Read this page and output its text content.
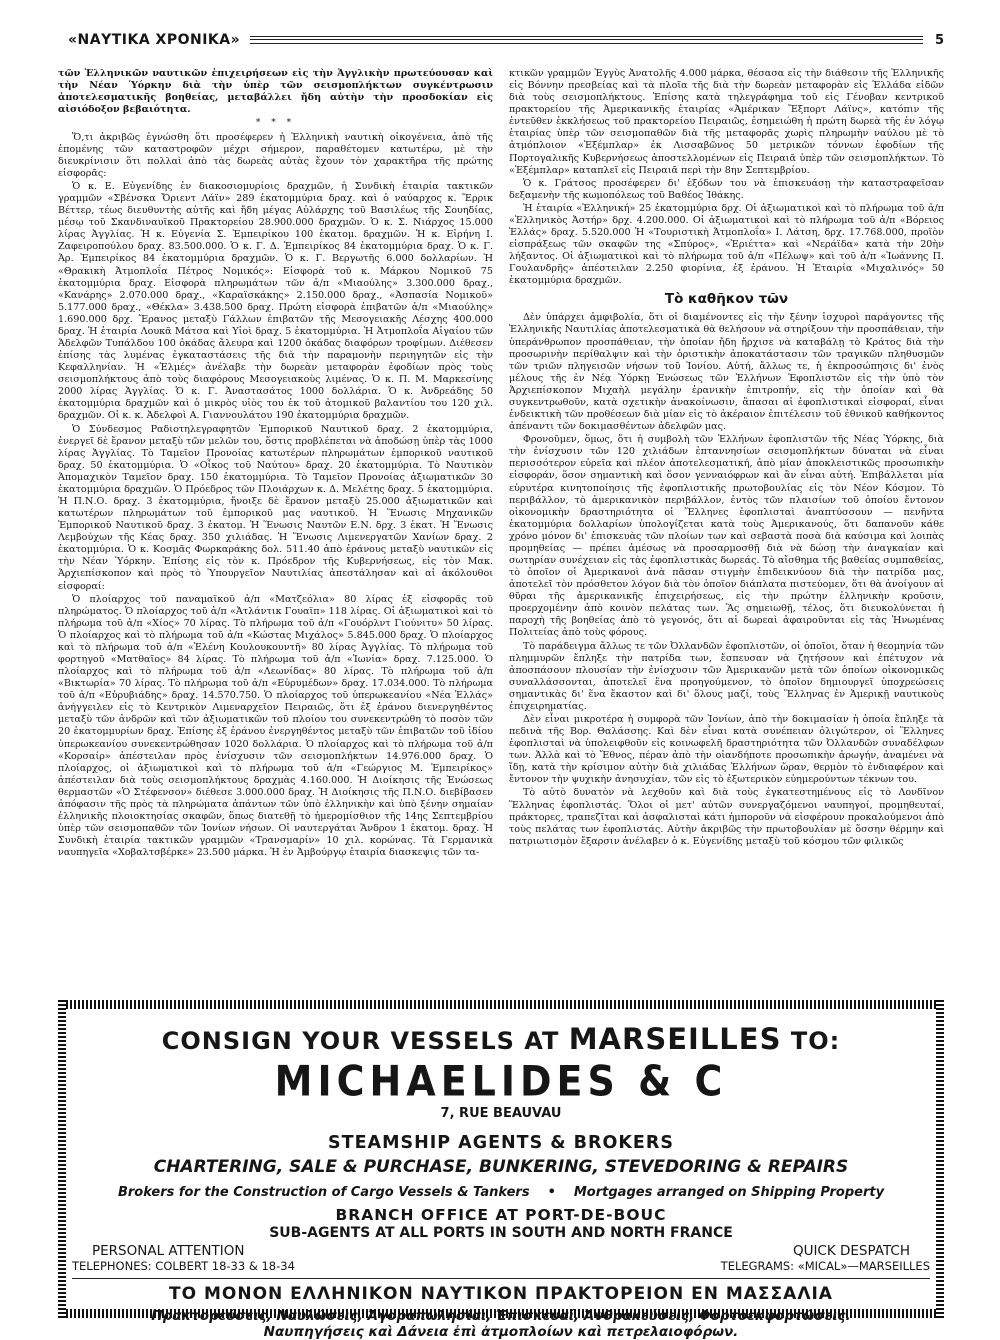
«ΝΑΥΤΙΚΑ ΧΡΟΝΙΚΑ»	5

τῶν Ἑλληνικῶν ναυτικῶν ἐπιχειρήσεων εἰς τὴν Ἀγγλικὴν πρωτεύουσαν καὶ τὴν Νέαν Ὑόρκην διὰ τὴν ὑπὲρ τῶν σεισμοπλήκτων συγκέντρωσιν ἀποτελεσματικῆς βοηθείας, μεταβάλλει ἤδη αὐτὴν τὴν προσδοκίαν εἰς αἰσιόδοξον βεβαιότητα.

* * *

Ὅ,τι ἀκριβῶς ἐγνώσθη ὅτι προσέφερεν ἡ Ἑλληνικὴ ναυτικὴ οἰκογένεια, ἀπὸ τῆς ἐπομένης τῶν καταστροφῶν μέχρι σήμερον, παραθέτομεν κατωτέρω, μὲ τὴν διευκρίνισιν ὅτι πολλαὶ ἀπὸ τὰς δωρεὰς αὐτὰς ἔχουν τὸν χαρακτῆρα τῆς πρώτης εἰσφορᾶς:

Ὁ κ. Ε. Εὐγενίδης ἐν διακοσιομυρίοις δραχμῶν, ἡ Συνδικὴ ἑταιρία τακτικῶν γραμμῶν «Σβένσκα Ὄριεντ Λάϊν» 289 ἑκατομμύρια δραχ. καὶ ὁ ναύαρχος κ. Ἔρρικ Βέττερ, τέως διευθυντὴς αὐτῆς καὶ ἤδη μέγας Αὐλάρχης τοῦ Βασιλέως τῆς Σουηδίας, μέσῳ τοῦ Σκανδιναυϊκοῦ Πρακτορείου 28.900.000 δραχμῶν. Ὁ κ. Σ. Νιάρχος 15.000 λίρας Ἀγγλίας. Ἡ κ. Εὐγενία Σ. Ἐμπειρίκου 100 ἑκατομ. δραχμῶν. Ἡ κ. Εἰρήνη Ι. Ζαφειροπούλου δραχ. 83.500.000. Ὁ κ. Γ. Δ. Ἐμπειρίκος 84 ἑκατομμύρια δραχ. Ὁ κ. Γ. Ἀρ. Ἐμπειρίκος 84 ἑκατομμύρια δραχμῶν. Ὁ κ. Γ. Βεργωτῆς 6.000 δολλαρίων. Ἡ «Θρακικὴ Ἀτμοπλοΐα Πέτρος Νομικός»: Εἰσφορὰ τοῦ κ. Μάρκου Νομικοῦ 75 ἑκατομμύρια δραχ. Εἰσφορὰ πληρωμάτων τῶν ἀ/π «Μιαούλης» 3.300.000 δραχ., «Κανάρης» 2.070.000 δραχ., «Καραϊσκάκης» 2.150.000 δραχ., «Ἀσπασία Νομικοῦ» 5.177.000 δραχ., «Θέκλα» 3.438.500 δραχ. Πρώτη εἰσφορὰ ἐπιβατῶν ἀ/π «Μιαούλης» 1.690.000 δρχ. Ἔρανος μεταξὺ Γάλλων ἐπιβατῶν τῆς Μεσογειακῆς Λέσχης 400.000 δραχ. Ἡ ἑταιρία Λουκᾶ Μάτσα καὶ Υἱοὶ δραχ. 5 ἑκατομμύρια. Ἡ Ἀτμοπλοΐα Αἰγαίου τῶν Ἀδελφῶν Τυπάλδου 100 ὀκάδας ἄλευρα καὶ 1200 ὀκάδας διαφόρων τροφίμων. Διέθεσεν ἐπίσης τὰς λυμένας ἐγκαταστάσεις τῆς διὰ τὴν παραμονὴν περιηγητῶν εἰς τὴν Κεφαλληνίαν. Ἡ «Ἑλμές» ἀνέλαβε τὴν δωρεὰν μεταφορὰν ἐφοδίων πρὸς τοὺς σεισμοπλήκτους ἀπὸ τοὺς διαφόρους Μεσογειακοὺς λιμένας. Ὁ κ. Π. Μ. Μαρκεσίνης 2000 λίρας Ἀγγλίας. Ὁ κ. Γ. Ἀναστασάτος 1000 δολλάρια. Ὁ κ. Ἀνδρεάδης 50 ἑκατομμύρια δραχμῶν καὶ ὁ μικρὸς υἱὸς του ἐκ τοῦ ἀτομικοῦ βαλαντίου του 120 χιλ. δραχμῶν. Οἱ κ. κ. Ἀδελφοὶ Α. Γιαννουλάτου 190 ἑκατομμύρια δραχμῶν.

Ὁ Σύνδεσμος Ραδιοτηλεγραφητῶν Ἐμπορικοῦ Ναυτικοῦ δραχ. 2 ἑκατομμύρια, ἐνεργεῖ δὲ ἔρανον μεταξὺ τῶν μελῶν του, ὅστις προβλέπεται νὰ ἀποδώσῃ ὑπὲρ τὰς 1000 λίρας Ἀγγλίας. Τὸ Ταμεῖον Προνοίας κατωτέρων πληρωμάτων ἐμπορικοῦ ναυτικοῦ δραχ. 50 ἑκατομμύρια. Ὁ «Οἶκος τοῦ Ναύτου» δραχ. 20 ἑκατομμύρια. Τὸ Ναυτικὸν Ἀπομαχικὸν Ταμεῖον δραχ. 150 ἑκατομμύρια. Τὸ Ταμεῖον Προνοίας ἀξιωματικῶν 30 ἑκατομμύρια δραχμῶν. Ὁ Πρόεδρος τῶν Πλοιάρχων κ. Δ. Μελέτης δραχ. 5 ἑκατομμύρια. Ἡ Π.Ν.Ο. δραχ. 3 ἑκατομμύρια, ἤνοιξε δὲ ἔρανον μεταξὺ 25.000 ἀξιωματικῶν καὶ κατωτέρων πληρωμάτων τοῦ ἐμπορικοῦ μας ναυτικοῦ. Ἡ Ἕνωσις Μηχανικῶν Ἐμπορικοῦ Ναυτικοῦ δραχ. 3 ἑκατομ. Ἡ Ἕνωσις Ναυτῶν Ε.Ν. δρχ. 3 ἑκατ. Ἡ Ἕνωσις Λεμβούχων τῆς Κέας δραχ. 350 χιλιάδας. Ἡ Ἕνωσις Λιμενεργατῶν Χανίων δραχ. 2 ἑκατομμύρια. Ὁ κ. Κοσμᾶς Φωρκαράκης δολ. 511.40 ἀπὸ ἐράνους μεταξὺ ναυτικῶν εἰς τὴν Νέαν Ὑόρκην. Ἐπίσης εἰς τὸν κ. Πρόεδρον τῆς Κυβερνήσεως, εἰς τὸν Μακ. Ἀρχιεπίσκοπον καὶ πρὸς τὸ Ὑπουργεῖον Ναυτιλίας ἀπεστάλησαν καὶ αἱ ἀκόλουθοι εἰσφοραί:

Ὁ πλοίαρχος τοῦ παναμαϊκοῦ ἀ/π «Ματζεόλια» 80 λίρας ἐξ εἰσφορᾶς τοῦ πληρώματος. Ὁ πλοίαρχος τοῦ ἀ/π «Ἀτλάντικ Γουαϊπ» 118 λίρας. Οἱ ἀξιωματικοὶ καὶ τὸ πλήρωμα τοῦ ἀ/π «Χίος» 70 λίρας. Τὸ πλήρωμα τοῦ ἀ/π «Γουόρλντ Γιούνιτυ» 50 λίρας. Ὁ πλοίαρχος καὶ τὸ πλήρωμα τοῦ ἀ/π «Κώστας Μιχάλος» 5.845.000 δραχ. Ὁ πλοίαρχος καὶ τὸ πλήρωμα τοῦ ἀ/π «Ἐλένη Κουλουκουντῆ» 80 λίρας Ἀγγλίας. Τὸ πλήρωμα τοῦ φορτηγοῦ «Ματθαῖος» 84 λίρας. Τὸ πλήρωμα τοῦ ἀ/π «Ἰωνία» δραχ. 7.125.000. Ὁ πλοίαρχος καὶ τὸ πλήρωμα τοῦ ἀ/π «Λεωνίδας» 80 λίρας. Τὸ πλήρωμα τοῦ ἀ/π «Βικτωρία» 70 λίρας. Τὸ πλήρωμα τοῦ ἀ/π «Εὐρυμέδων» δραχ. 17.034.000. Τὸ πλήρωμα τοῦ ἀ/π «Εὐρυβιάδης» δραχ. 14.570.750. Ὁ πλοίαρχος τοῦ ὑπερωκεανίου «Νέα Ἑλλάς» ἀνήγγειλεν εἰς τὸ Κεντρικὸν Λιμεναρχεῖον Πειραιῶς, ὅτι ἐξ ἐράνου διενεργηθέντος μεταξὺ τῶν ἀνδρῶν καὶ τῶν ἀξιωματικῶν τοῦ πλοίου του συνεκεντρώθη τὸ ποσὸν τῶν 20 ἑκατομμυρίων δραχ. Ἐπίσης ἐξ ἐράνου ἐνεργηθέντος μεταξὺ τῶν ἐπιβατῶν τοῦ ἰδίου ὑπερωκεανίου συνεκεντρώθησαν 1020 δολλάρια. Ὁ πλοίαρχος καὶ τὸ πλήρωμα τοῦ ἀ/π «Κορσαίρ» ἀπέστειλαν πρὸς ἐνίσχυσιν τῶν σεισμοπλήκτων 14.976.000 δραχ. Ὁ πλοίαρχος, οἱ ἀξιωματικοὶ καὶ τὸ πλήρωμα τοῦ ἀ/π «Γεώργιος Μ. Ἐμπειρίκος» ἀπέστειλαν διὰ τοὺς σεισμοπλήκτους δραχμὰς 4.160.000. Ἡ Διοίκησις τῆς Ἑνώσεως θερμαστῶν «Ὁ Στέφενσον» διέθεσε 3.000.000 δραχ. Ἡ Διοίκησις τῆς Π.Ν.Ο. διεβίβασεν ἀπόφασιν τῆς πρὸς τὰ πληρώματα ἁπάντων τῶν ὑπὸ ἑλληνικὴν καὶ ὑπὸ ξένην σημαίαν ἑλληνικῆς πλοιοκτησίας σκαφῶν, ὅπως διατεθῇ τὸ ἡμερομίσθιον τῆς 14ης Σεπτεμβρίου ὑπὲρ τῶν σεισμοπαθῶν τῶν Ἰονίων νήσων. Οἱ ναυτεργάται Ἄνδρου 1 ἑκατομ. δραχ. Ἡ Συνδικὴ ἑταιρία τακτικῶν γραμμῶν «Τρανσμαρίν» 10 χιλ. κορώνας. Τὰ Γερμανικὰ ναυπηγεῖα «Χοβαλτσβέρκε» 23.500 μάρκα. Ἡ ἐν Ἀμβούργῳ ἑταιρία διασκεψις τῶν τα-

κτικῶν γραμμῶν Ἐγγὺς Ἀνατολῆς 4.000 μάρκα, θέσασα εἰς τὴν διάθεσιν τῆς Ἑλληνικῆς εἰς Βόννην πρεσβείας καὶ τὰ πλοῖα τῆς διὰ τὴν δωρεὰν μεταφορὰν εἰς Ἑλλάδα εἰδῶν διὰ τοὺς σεισμοπλήκτους. Ἐπίσης κατὰ τηλεγράφημα τοῦ εἰς Γένοβαν κεντρικοῦ πρακτορείου τῆς Ἀμερικανικῆς ἑταιρίας «Ἀμέρικαν Ἔξπορτ Λάϊνς», κατόπιν τῆς ἐντεῦθεν ἐκκλήσεως τοῦ πρακτορείου Πειραιῶς, ἐσημειώθη ἡ πρώτη δωρεὰ τῆς ἐν λόγῳ ἑταιρίας ὑπὲρ τῶν σεισμοπαθῶν διὰ τῆς μεταφορᾶς χωρὶς πληρωμὴν ναύλου μὲ τὸ ἀτμόπλοιον «Ἐξέμπλαρ» ἐκ Λισσαβῶνος 50 μετρικῶν τόννων ἐφοδίων τῆς Πορτογαλικῆς Κυβερνήσεως ἀποστελλομένων εἰς Πειραιᾶ ὑπὲρ τῶν σεισμοπλήκτων. Τὸ «Ἐξέμπλαρ» καταπλεῖ εἰς Πειραιᾶ περὶ τὴν 8ην Σεπτεμβρίου.

Ὁ κ. Γράτσος προσέφερεν δι' ἐξόδων του νὰ ἐπισκευάσῃ τὴν καταστραφεῖσαν δεξαμενὴν τῆς κωμοπόλεως τοῦ Βαθέος Ἰθάκης.

Ἡ ἑταιρία «Ἑλληνική» 25 ἑκατομμύρια δρχ. Οἱ ἀξιωματικοὶ καὶ τὸ πλήρωμα τοῦ ἀ/π «Ἑλληνικὸς Ἀστήρ» δρχ. 4.200.000. Οἱ ἀξιωματικοὶ καὶ τὸ πλήρωμα τοῦ ἀ/π «Βόρειος Ἑλλάς» δραχ. 5.520.000 Ἡ «Τουριστικὴ Ἀτμοπλοΐα» Ι. Λάτση, δρχ. 17.768.000, προϊὸν εἰσπράξεως τῶν σκαφῶν της «Σπύρος», «Ἐριέττα» καὶ «Νεράϊδα» κατὰ τὴν 20ὴν λήξαντος. Οἱ ἀξιωματικοὶ καὶ τὸ πλήρωμα τοῦ ἀ/π «Πέλωψ» καὶ τοῦ ἀ/π «Ἰωάννης Π. Γουλανδρῆς» ἀπέστειλαν 2.250 φιορίνια, ἐξ ἐράνου. Ἡ Ἑταιρία «Μιχαλινός» 50 ἑκατομμύρια δραχμῶν.

Τὸ καθῆκον τῶν

Δὲν ὑπάρχει ἀμφιβολία, ὅτι οἱ διαμένοντες εἰς τὴν ξένην ἰσχυροὶ παράγοντες τῆς Ἑλληνικῆς Ναυτιλίας ἀποτελεσματικὰ θὰ θελήσουν νὰ στηρίξουν τὴν προσπάθειαν, τὴν ὑπεράνθρωπον προσπάθειαν, τὴν ὁποίαν ἤδη ἤρχισε νὰ καταβάλῃ τὸ Κράτος διὰ τὴν προσωρινὴν περίθαλψιν καὶ τὴν ὁριστικὴν ἀποκατάστασιν τῶν τραγικῶν πληθυσμῶν τῶν τριῶν πληγεισῶν νήσων τοῦ Ἰονίου. Αὐτή, ἄλλως τε, ἡ ἐκπροσώπησις δι' ἑνὸς μέλους τῆς ἐν Νέᾳ Ὑόρκῃ Ἑνώσεως τῶν Ἑλλήνων Ἐφοπλιστῶν εἰς τὴν ὑπὸ τὸν Ἀρχιεπίσκοπον Μιχαὴλ μεγάλην ἐρανικὴν ἐπιτροπήν, εἰς τὴν ὁποίαν καὶ θὰ συγκεντρωθοῦν, κατὰ σχετικὴν ἀνακοίνωσιν, ἅπασαι αἱ ἐφοπλιστικαὶ εἰσφοραί, εἶναι ἐνδεικτικὴ τῶν προθέσεων διὰ μίαν εἰς τὸ ἀκέραιον ἐπιτέλεσιν τοῦ ἐθνικοῦ καθήκοντος ἀπέναντι τῶν δοκιμασθέντων ἀδελφῶν μας.

Φρονοῦμεν, ὅμως, ὅτι ἡ συμβολὴ τῶν Ἑλλήνων ἐφοπλιστῶν τῆς Νέας Ὑόρκης, διὰ τὴν ἐνίσχυσιν τῶν 120 χιλιάδων ἐπταννησίων σεισμοπλήκτων δύναται νὰ εἶναι περισσότερον εὐρεῖα καὶ πλέον ἀποτελεσματική, ἀπὸ μίαν ἀποκλειστικῶς προσωπικὴν εἰσφοράν, ὅσον σημαντικὴ καὶ ὅσον γενναιόφρων καὶ ἂν εἶναι αὐτή. Ἐπιβάλλεται μία εὐρυτέρα κινητοποίησις τῆς ἐφοπλιστικῆς πρωτοβουλίας εἰς τὸν Νέον Κόσμον. Τὸ περιβάλλον, τὸ ἀμερικανικὸν περιβάλλον, ἐντὸς τῶν πλαισίων τοῦ ὁποίου ἔντονον οἰκονομικὴν δραστηριότητα οἱ Ἕλληνες ἐφοπλισταὶ ἀναπτύσσουν — πενῆντα ἑκατομμύρια δολλαρίων ὑπολογίζεται κατὰ τοὺς Ἀμερικανούς, ὅτι δαπανοῦν κάθε χρόνο μόνον δι' ἐπισκευὰς τῶν πλοίων των καὶ σεβαστὰ ποσὰ διὰ καύσιμα καὶ λοιπὰς προμηθείας — πρέπει ἀμέσως νὰ προσαρμοσθῇ διὰ νὰ δώσῃ τὴν ἀναγκαίαν καὶ σωτηρίαν συνέχειαν εἰς τὰς ἐφοπλιστικὰς δωρεάς. Τὸ αἴσθημα τῆς βαθείας συμπαθείας, τὸ ὁποῖον οἱ Ἀμερικανοὶ ἀνὰ πᾶσαν στιγμὴν ἐπιδεικνύουν διὰ τὴν πατρίδα μας, ἀποτελεῖ τὸν πρόσθετον λόγον διὰ τὸν ὁποῖον διάπλατα πιστεύομεν, ὅτι θὰ ἀνοίγουν αἱ θῦραι τῆς ἀμερικανικῆς ἐπιχειρήσεως, εἰς τὴν πρώτην ἑλληνικὴν κροῦσιν, προερχομένην ἀπὸ κοινὸν πελάτας των. Ἂς σημειωθῇ, τέλος, ὅτι διευκολύνεται ἡ παροχὴ τῆς βοηθείας ἀπὸ τὸ γεγονός, ὅτι αἱ δωρεαὶ ἀφαιροῦνται εἰς τὰς Ἡνωμένας Πολιτείας ἀπὸ τοὺς φόρους.

Τὸ παράδειγμα ἄλλως τε τῶν Ὀλλανδῶν ἐφοπλιστῶν, οἱ ὁποῖοι, ὅταν ἡ θεομηνία τῶν πλημμυρῶν ἔπληξε τὴν πατρίδα των, ἔσπευσαν νὰ ζητήσουν καὶ ἐπέτυχον νὰ ἀποσπάσουν πλουσίαν τὴν ἐνίσχυσιν τῶν Ἀμερικανῶν μετὰ τῶν ὁποίων οἰκονομικῶς συναλλάσσονται, ἀποτελεῖ ἕνα προηγούμενον, τὸ ὁποῖον δημιουργεῖ ὑποχρεώσεις σημαντικὰς δι' ἕνα ἕκαστον καὶ δι' ὅλους μαζί, τοὺς Ἕλληνας ἐν Ἀμερικῇ ναυτικοὺς ἐπιχειρηματίας.

Δὲν εἶναι μικροτέρα ἡ συμφορὰ τῶν Ἰονίων, ἀπὸ τὴν δοκιμασίαν ἡ ὁποία ἔπληξε τὰ πεδινὰ τῆς Βορ. Θαλάσσης. Καὶ δὲν εἶναι κατὰ συνέπειαν ὀλιγώτερον, οἱ Ἕλληνες ἐφοπλισταὶ νὰ ὑπολειφθοῦν εἰς κοινωφελῆ δραστηριότητα τῶν Ὀλλανδῶν συναδέλφων των. Ἀλλὰ καὶ τὸ Ἔθνος, πέραν ἀπὸ τὴν οἰανδήποτε προσωπικὴν ἀρωγήν, ἀναμένει νὰ ἴδῃ, κατὰ τὴν κρίσιμον αὐτὴν διὰ χιλιάδας Ἑλλήνων ὥραν, θερμὸν τὸ ἐνδιαφέρον καὶ ἔντονον τὴν ψυχικὴν ἀνησυχίαν, τῶν εἰς τὸ ἐξωτερικὸν εὐημερούντων τέκνων του.

Τὸ αὐτὸ δυνατὸν νὰ λεχθοῦν καὶ διὰ τοὺς ἐγκατεστημένους εἰς τὸ Λονδῖνον Ἕλληνας ἐφοπλιστάς. Ὅλοι οἱ μετ' αὐτῶν συνεργαζόμενοι ναυπηγοί, προμηθευταί, πράκτορες, τραπεζῖται καὶ ἀσφαλισταὶ κάτι ἠμποροῦν νὰ εἰσφέρουν προκαλούμενοι ἀπὸ τοὺς πελάτας των ἐφοπλιστάς. Αὐτὴν ἀκριβῶς τὴν πρωτοβουλίαν μὲ ὅσσην θέρμην καὶ πατριωτισμὸν ἔξαρσιν ἀνέλαβεν ὁ κ. Εὐγενίδης μεταξὺ τοῦ κόσμου τῶν φιλικῶς

CONSIGN YOUR VESSELS AT MARSEILLES TO:
MICHAELIDES & C
7, RUE BEAUVAU
STEAMSHIP AGENTS & BROKERS
CHARTERING, SALE & PURCHASE, BUNKERING, STEVEDORING & REPAIRS
Brokers for the Construction of Cargo Vessels & Tankers • Mortgages arranged on Shipping Property
BRANCH OFFICE AT PORT-DE-BOUC
SUB-AGENTS AT ALL PORTS IN SOUTH AND NORTH FRANCE
PERSONAL ATTENTION
TELEPHONES: COLBERT 18-33 & 18-34
QUICK DESPATCH
TELEGRAMS: «MICAL»—MARSEILLES
ΤΟ ΜΟΝΟΝ ΕΛΛΗΝΙΚΟΝ ΝΑΥΤΙΚΟΝ ΠΡΑΚΤΟΡΕΙΟΝ ΕΝ ΜΑΣΣΑΛΙΑ
Πρακτορεύσεις, Ναυλώσεις, Ἀγοραπωλησίαι, Ἐπισκευαί, Ἀνθρακεύσεις, Φορτοεκφορτώσεις.
Ναυπηγήσεις καὶ Δάνεια ἐπὶ ἀτμοπλοίων καὶ πετρελαιοφόρων.
